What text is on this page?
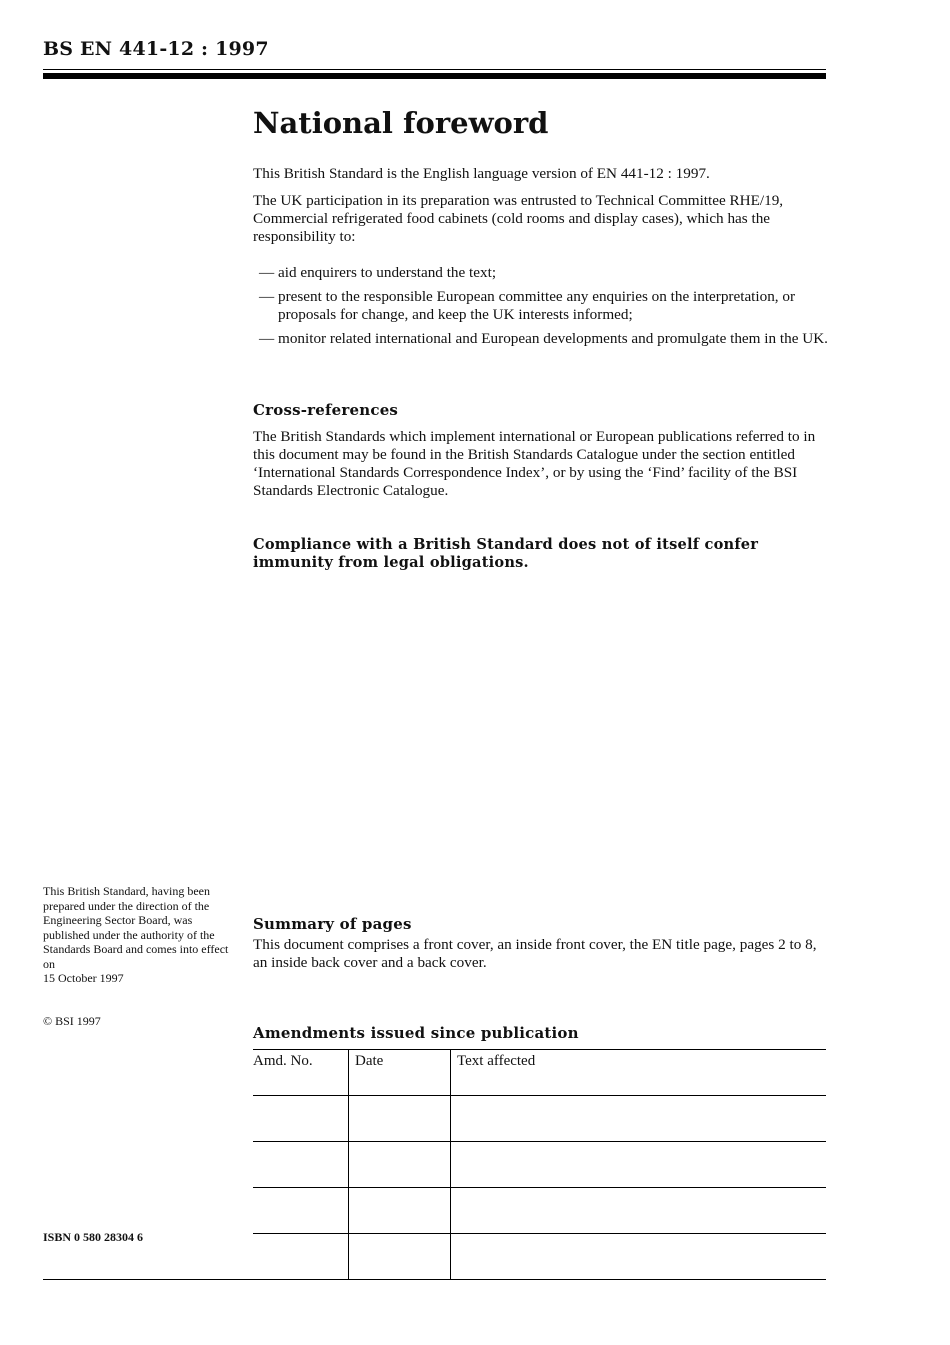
BS EN 441-12 : 1997
National foreword
This British Standard is the English language version of EN 441-12 : 1997.
The UK participation in its preparation was entrusted to Technical Committee RHE/19, Commercial refrigerated food cabinets (cold rooms and display cases), which has the responsibility to:
— aid enquirers to understand the text;
— present to the responsible European committee any enquiries on the interpretation, or proposals for change, and keep the UK interests informed;
— monitor related international and European developments and promulgate them in the UK.
Cross-references
The British Standards which implement international or European publications referred to in this document may be found in the British Standards Catalogue under the section entitled ‘International Standards Correspondence Index’, or by using the ‘Find’ facility of the BSI Standards Electronic Catalogue.
Compliance with a British Standard does not of itself confer immunity from legal obligations.
This British Standard, having been prepared under the direction of the Engineering Sector Board, was published under the authority of the Standards Board and comes into effect on
15 October 1997
© BSI 1997
Summary of pages
This document comprises a front cover, an inside front cover, the EN title page, pages 2 to 8, an inside back cover and a back cover.
Amendments issued since publication
Amd. No.	Date	Text affected

ISBN 0 580 28304 6
